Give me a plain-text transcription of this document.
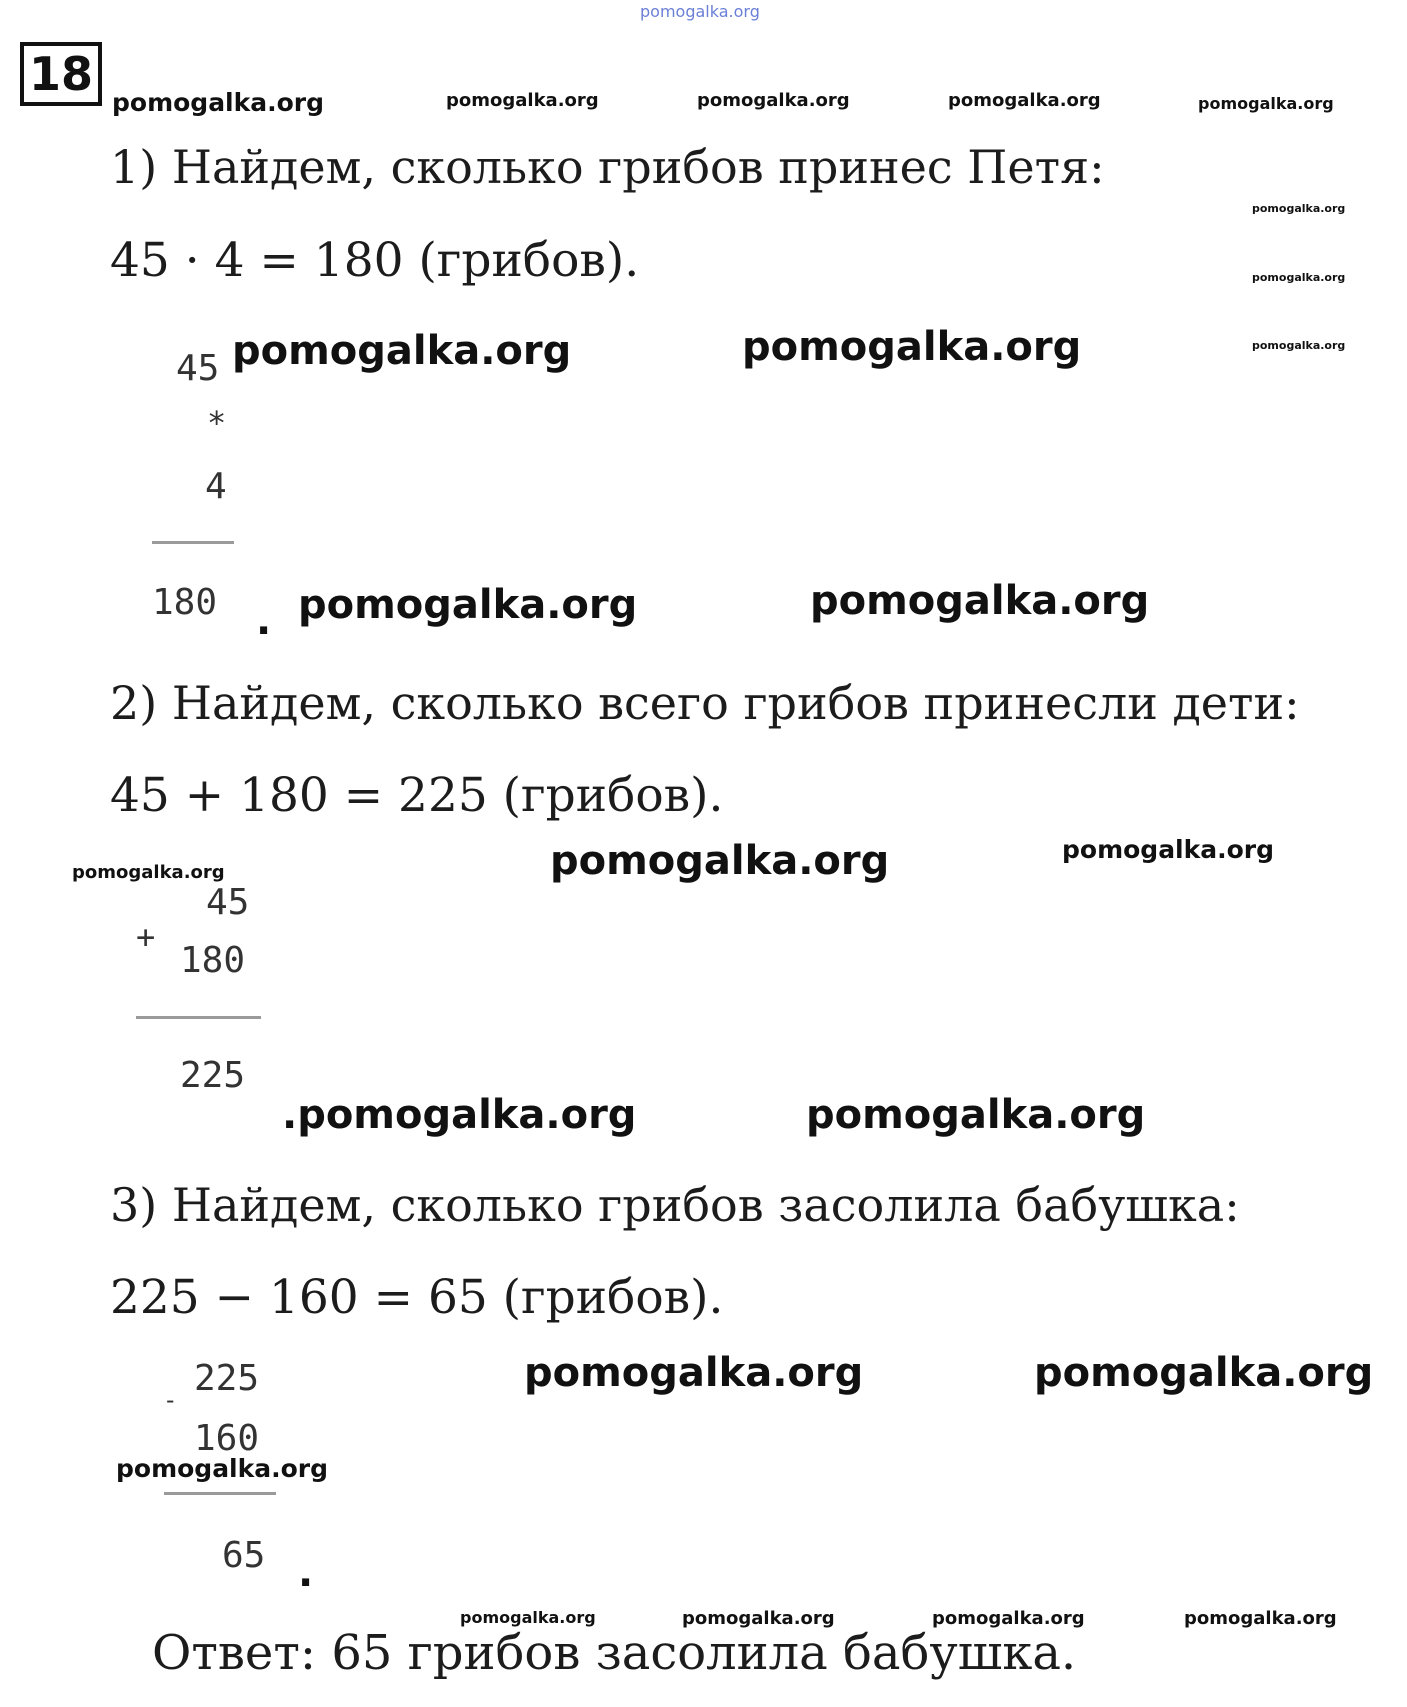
pomogalka.org
18
pomogalka.org	pomogalka.org	pomogalka.org	pomogalka.org	pomogalka.org
pomogalka.org
pomogalka.org
pomogalka.org
1) Найдем, сколько грибов принес Петя:
45 · 4 = 180 (грибов).
45
*
4
180 .
pomogalka.org	pomogalka.org
pomogalka.org	pomogalka.org
2) Найдем, сколько всего грибов принесли дети:
45 + 180 = 225 (грибов).
pomogalka.org	pomogalka.org	pomogalka.org
45
+
180
225
.pomogalka.org	pomogalka.org
3) Найдем, сколько грибов засолила бабушка:
225 − 160 = 65 (грибов).
225
-
160
65 .
pomogalka.org
pomogalka.org	pomogalka.org
pomogalka.org	pomogalka.org	pomogalka.org	pomogalka.org
Ответ: 65 грибов засолила бабушка.
